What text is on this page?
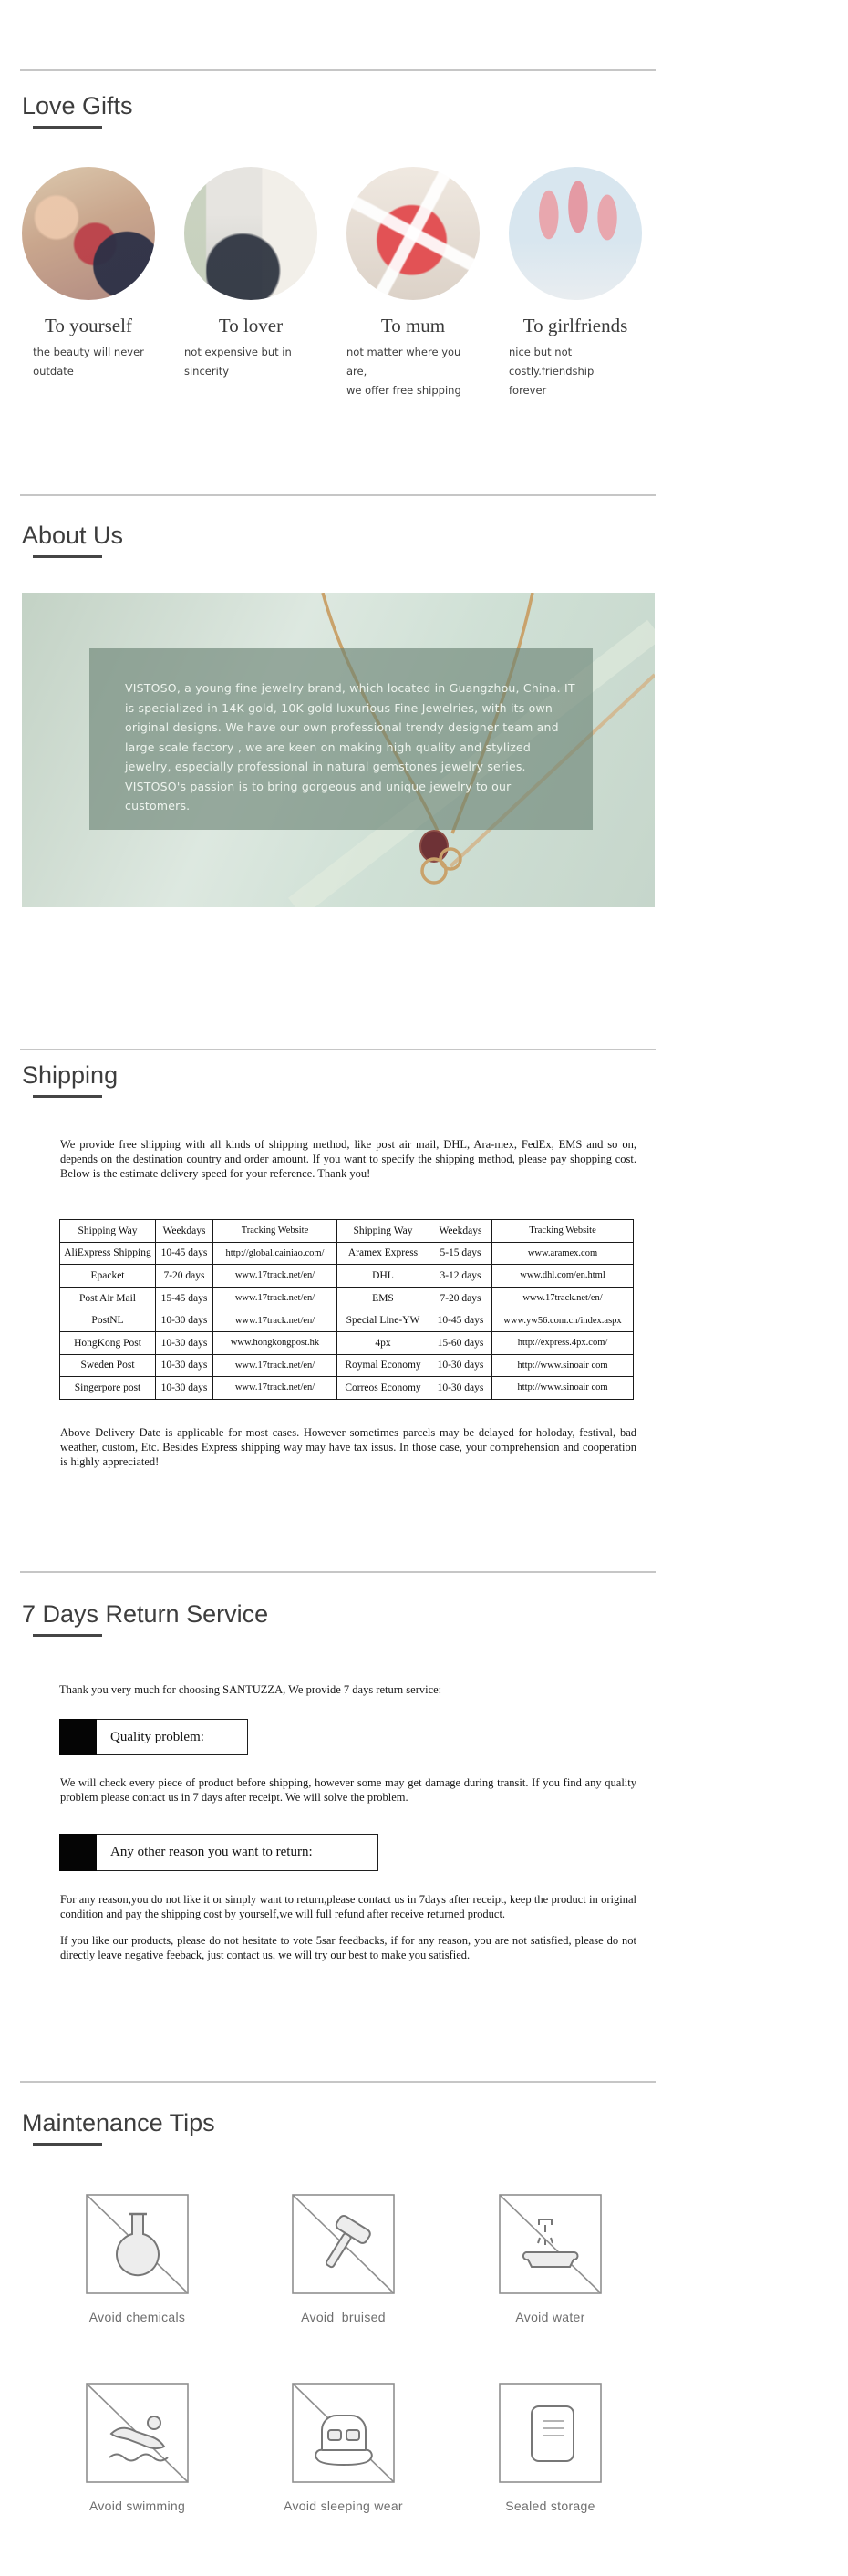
Love Gifts
To yourself
the beauty will never
outdate
To lover
not expensive but in sincerity
To mum
not matter where you are,
we offer free shipping
To girlfriends
nice but not costly.friendship
forever
About Us
VISTOSO, a young fine jewelry brand, which located in Guangzhou, China. IT is specialized in 14K gold, 10K gold luxurious Fine Jewelries, with its own original designs. We have our own professional trendy designer team and large scale factory , we are keen on making high quality and stylized jewelry, especially professional in natural gemstones jewelry series.
VISTOSO's passion is to bring gorgeous and unique jewelry to our customers.
Shipping
We provide free shipping with all kinds of shipping method, like post air mail, DHL, Ara-mex, FedEx, EMS and so on, depends on the destination country and order amount. If you want to specify the shipping method, please pay shopping cost. Below is the estimate delivery speed for your reference. Thank you!
Shipping Way	Weekdays	Tracking Website	Shipping Way	Weekdays	Tracking Website
AliExpress Shipping	10-45 days	http://global.cainiao.com/	Aramex Express	5-15 days	www.aramex.com
Epacket	7-20 days	www.17track.net/en/	DHL	3-12 days	www.dhl.com/en.html
Post Air Mail	15-45 days	www.17track.net/en/	EMS	7-20 days	www.17track.net/en/
PostNL	10-30 days	www.17track.net/en/	Special Line-YW	10-45 days	www.yw56.com.cn/index.aspx
HongKong Post	10-30 days	www.hongkongpost.hk	4px	15-60 days	http://express.4px.com/
Sweden Post	10-30 days	www.17track.net/en/	Roymal Economy	10-30 days	http://www.sinoair com
Singerpore post	10-30 days	www.17track.net/en/	Correos Economy	10-30 days	http://www.sinoair com
Above Delivery Date is applicable for most cases. However sometimes parcels may be delayed for holoday, festival, bad weather, custom, Etc. Besides Express shipping way may have tax issus. In those case, your comprehension and cooperation is highly appreciated!
7 Days Return Service
Thank you very much for choosing SANTUZZA, We provide 7 days return service:
Quality problem:
We will check every piece of product before shipping, however some may get damage during transit. If you find any quality problem please contact us in 7 days after receipt. We will solve the problem.
Any other reason you want to return:
For any reason,you do not like it or simply want to return,please contact us in 7days after receipt, keep the product in original condition and pay the shipping cost by yourself,we will full refund after receive returned product.
If you like our products, please do not hesitate to vote 5sar feedbacks, if for any reason, you are not satisfied, please do not directly leave negative feeback, just contact us, we will try our best to make you satisfied.
Maintenance Tips
Avoid chemicals	Avoid  bruised	Avoid water
Avoid swimming	Avoid sleeping wear	Sealed storage
